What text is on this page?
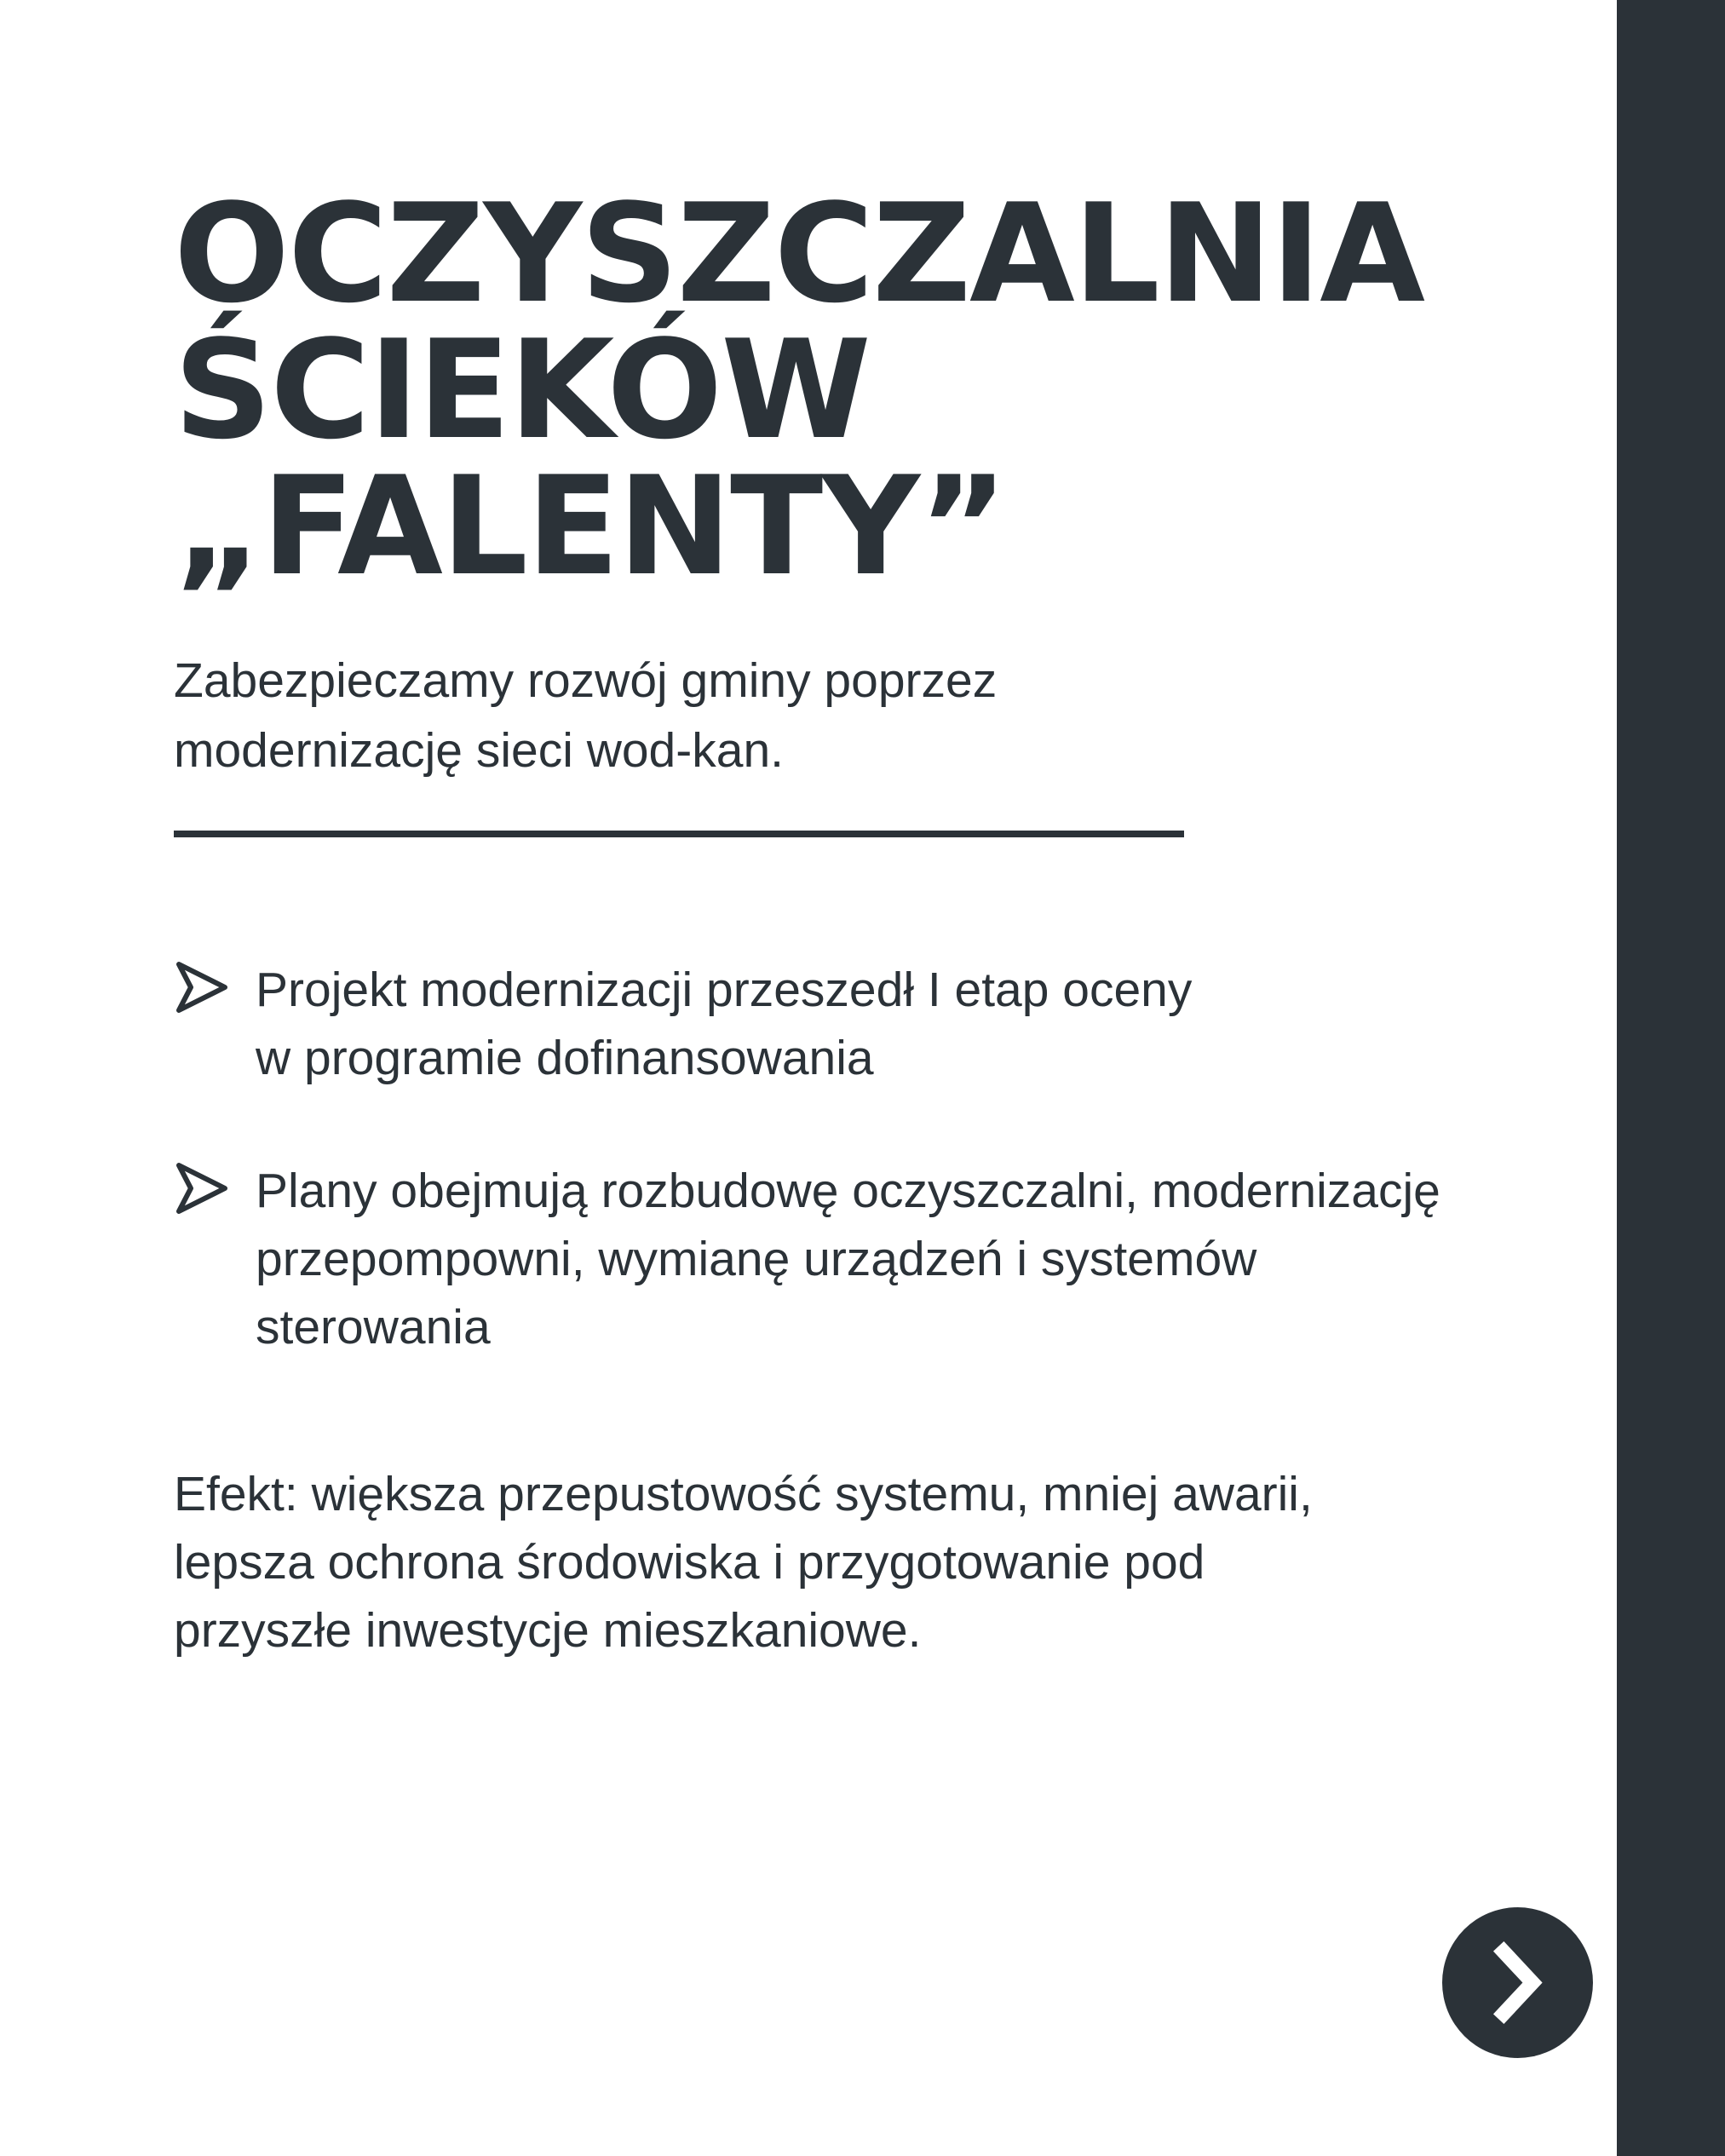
OCZYSZCZALNIA
ŚCIEKÓW
„FALENTY”

Zabezpieczamy rozwój gminy poprzez
modernizację sieci wod-kan.

Projekt modernizacji przeszedł I etap oceny
w programie dofinansowania
Plany obejmują rozbudowę oczyszczalni, modernizację
przepompowni, wymianę urządzeń i systemów
sterowania

Efekt: większa przepustowość systemu, mniej awarii,
lepsza ochrona środowiska i przygotowanie pod
przyszłe inwestycje mieszkaniowe.
